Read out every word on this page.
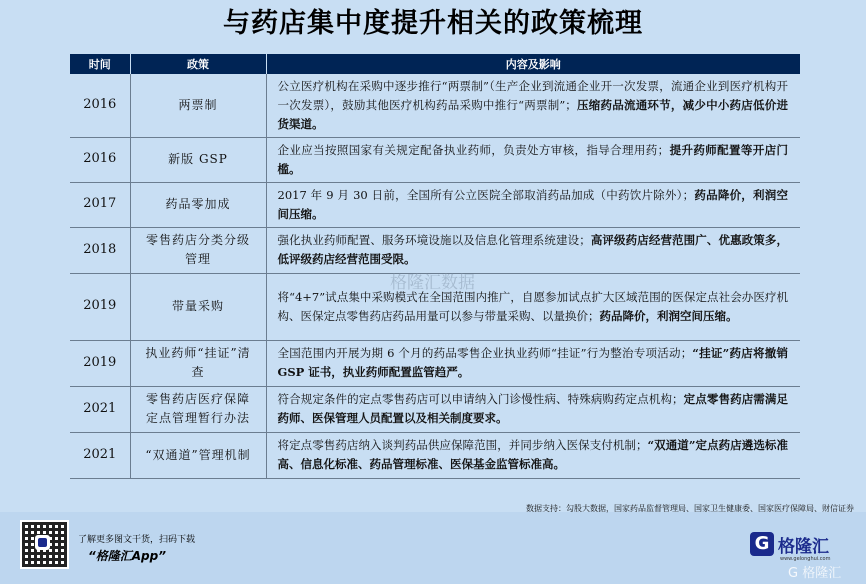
与药店集中度提升相关的政策梳理
时间	政策	内容及影响
2016	两票制	公立医疗机构在采购中逐步推行“两票制”（生产企业到流通企业开一次发票，流通企业到医疗机构开一次发票），鼓励其他医疗机构药品采购中推行“两票制”；压缩药品流通环节，减少中小药店低价进货渠道。
2016	新版 GSP	企业应当按照国家有关规定配备执业药师，负责处方审核，指导合理用药；提升药师配置等开店门槛。
2017	药品零加成	2017 年 9 月 30 日前，全国所有公立医院全部取消药品加成（中药饮片除外）；药品降价，利润空间压缩。
2018	零售药店分类分级管理	强化执业药师配置、服务环境设施以及信息化管理系统建设；高评级药店经营范围广、优惠政策多，低评级药店经营范围受限。
2019	带量采购	将“4+7”试点集中采购模式在全国范围内推广，自愿参加试点扩大区域范围的医保定点社会办医疗机构、医保定点零售药店药品用量可以参与带量采购、以量换价；药品降价，利润空间压缩。
2019	执业药师“挂证”清查	全国范围内开展为期 6 个月的药品零售企业执业药师“挂证”行为整治专项活动；“挂证”药店将撤销 GSP 证书，执业药师配置监管趋严。
2021	零售药店医疗保障定点管理暂行办法	符合规定条件的定点零售药店可以申请纳入门诊慢性病、特殊病购药定点机构；定点零售药店需满足药师、医保管理人员配置以及相关制度要求。
2021	“双通道”管理机制	将定点零售药店纳入谈判药品供应保障范围，并同步纳入医保支付机制；“双通道”定点药店遴选标准高、信息化标准、药品管理标准、医保基金监管标准高。
格隆汇数据
数据支持：勾股大数据，国家药品监督管理局、国家卫生健康委、国家医疗保障局、财信证券
了解更多图文干货，扫码下载
“格隆汇App”
G 格隆汇
www.gelonghui.com
G 格隆汇
